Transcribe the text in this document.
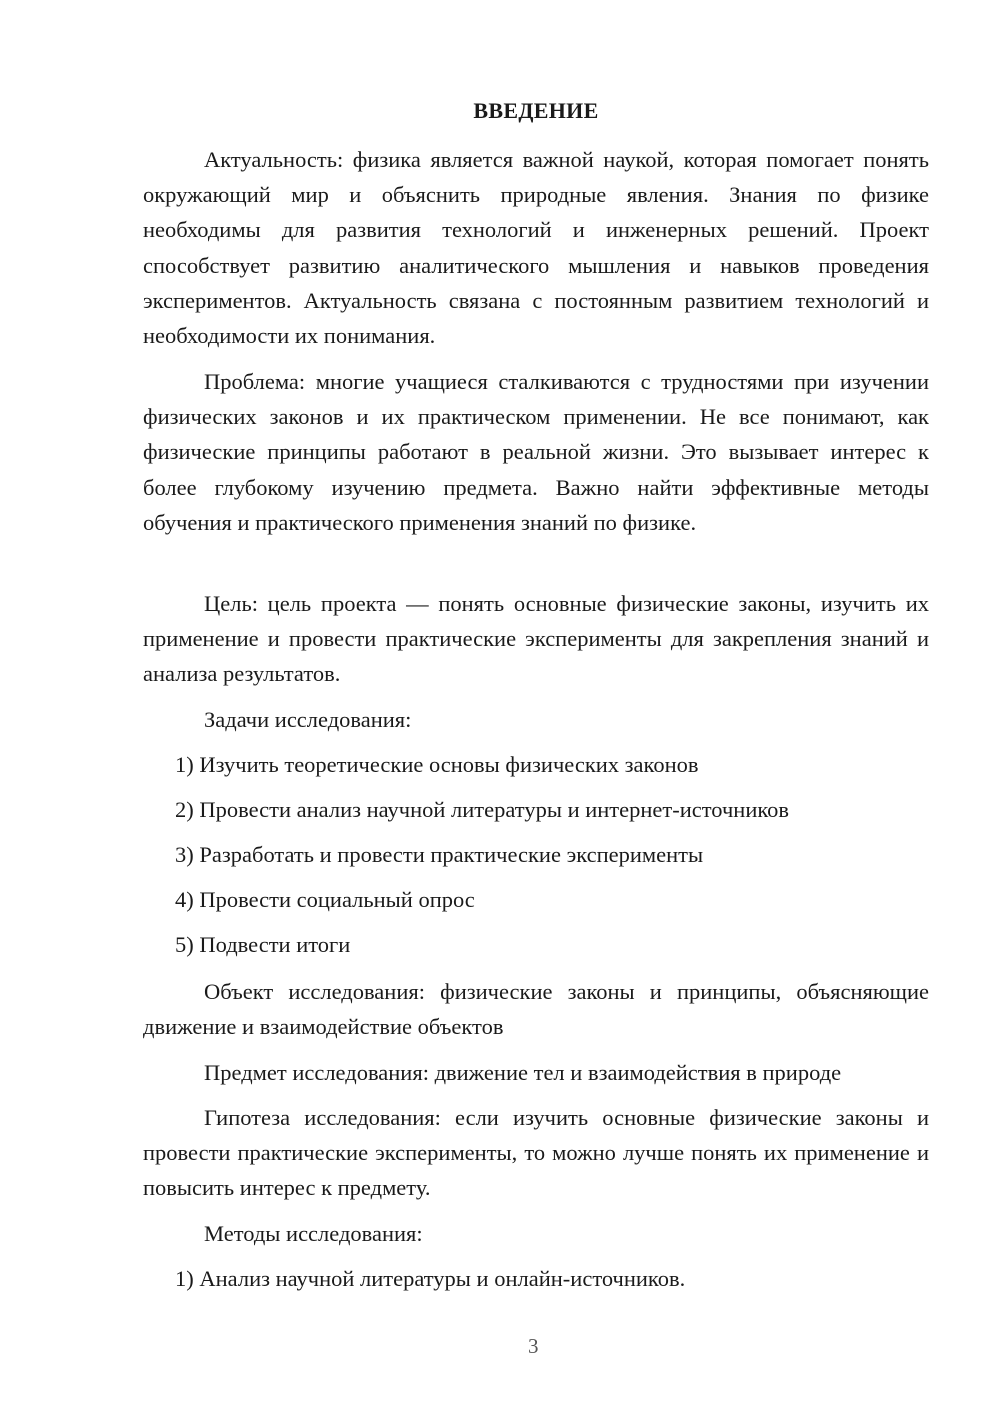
ВВЕДЕНИЕ

Актуальность: физика является важной наукой, которая помогает понять окружающий мир и объяснить природные явления. Знания по физике необходимы для развития технологий и инженерных решений. Проект способствует развитию аналитического мышления и навыков проведения экспериментов. Актуальность связана с постоянным развитием технологий и необходимости их понимания.

Проблема: многие учащиеся сталкиваются с трудностями при изучении физических законов и их практическом применении. Не все понимают, как физические принципы работают в реальной жизни. Это вызывает интерес к более глубокому изучению предмета. Важно найти эффективные методы обучения и практического применения знаний по физике.

Цель: цель проекта — понять основные физические законы, изучить их применение и провести практические эксперименты для закрепления знаний и анализа результатов.

Задачи исследования:

1) Изучить теоретические основы физических законов

2) Провести анализ научной литературы и интернет-источников

3) Разработать и провести практические эксперименты

4) Провести социальный опрос

5) Подвести итоги

Объект исследования: физические законы и принципы, объясняющие движение и взаимодействие объектов

Предмет исследования: движение тел и взаимодействия в природе

Гипотеза исследования: если изучить основные физические законы и провести практические эксперименты, то можно лучше понять их применение и повысить интерес к предмету.

Методы исследования:

1) Анализ научной литературы и онлайн-источников.

3
